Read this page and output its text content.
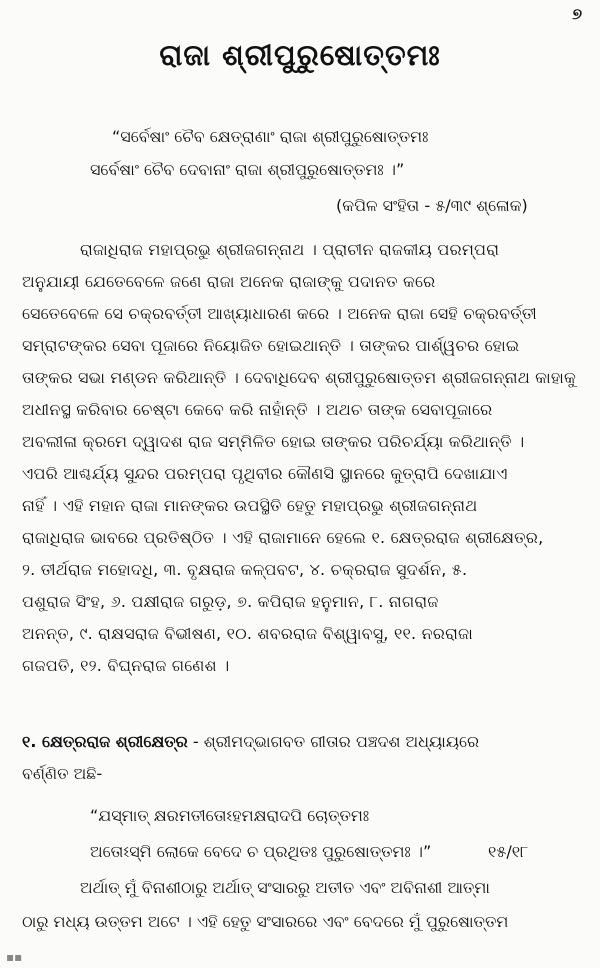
୭
ରାଜା ଶ୍ରୀପୁରୁଷୋତ୍ତମଃ
“ସର୍ବେଷାଂ ଚୈବ କ୍ଷେତ୍ରାଣାଂ ରାଜା ଶ୍ରୀପୁରୁଷୋତ୍ତମଃ
ସର୍ବେଷାଂ ଚୈବ ଦେବାନାଂ ରାଜା ଶ୍ରୀପୁରୁଷୋତ୍ତମଃ ।”
(କପିଳ ସଂହିତା - ୫/୩୯ ଶ୍ଳୋକ)
ରାଜାଧିରାଜ ମହାପ୍ରଭୁ ଶ୍ରୀଜଗନ୍ନାଥ । ପ୍ରାଚୀନ ରାଜକୀୟ ପରମ୍ପରା
ଅନୁଯାୟୀ ଯେତେବେଳେ ଜଣେ ରାଜା ଅନେକ ରାଜାଙ୍କୁ ପଦାନତ କରେ
ସେତେବେଳେ ସେ ଚକ୍ରବର୍ତ୍ତୀ ଆଖ୍ୟାଧାରଣ କରେ । ଅନେକ ରାଜା ସେହି ଚକ୍ରବର୍ତ୍ତୀ
ସମ୍ରାଟଙ୍କର ସେବା ପୂଜାରେ ନିୟୋଜିତ ହୋଇଥାନ୍ତି । ତାଙ୍କର ପାର୍ଶ୍ୱଚର ହୋଇ
ତାଙ୍କର ସଭା ମଣ୍ଡନ କରିଥାନ୍ତି । ଦେବାଧିଦେବ ଶ୍ରୀପୁରୁଷୋତ୍ତମ ଶ୍ରୀଜଗନ୍ନାଥ କାହାକୁ
ଅଧୀନସ୍ଥ କରିବାର ଚେଷ୍ଟା କେବେ କରି ନାହାଁନ୍ତି । ଅଥଚ ତାଙ୍କ ସେବାପୂଜାରେ
ଅବଲୀଳା କ୍ରମେ ଦ୍ୱାଦଶ ରାଜ ସମ୍ମିଳିତ ହୋଇ ତାଙ୍କର ପରିଚର୍ଯ୍ୟା କରିଥାନ୍ତି ।
ଏପରି ଆଶ୍ଚର୍ଯ୍ୟ ସୁନ୍ଦର ପରମ୍ପରା ପୃଥିବୀର କୌଣସି ସ୍ଥାନରେ କୁତ୍ରାପି ଦେଖାଯାଏ
ନାହିଁ । ଏହି ମହାନ ରାଜା ମାନଙ୍କର ଉପସ୍ଥିତି ହେତୁ ମହାପ୍ରଭୁ ଶ୍ରୀଜଗନ୍ନାଥ
ରାଜାଧିରାଜ ଭାବରେ ପ୍ରତିଷ୍ଠିତ । ଏହି ରାଜାମାନେ ହେଲେ ୧. କ୍ଷେତ୍ରରାଜ ଶ୍ରୀକ୍ଷେତ୍ର,
୨. ତୀର୍ଥରାଜ ମହୋଦଧି, ୩. ବୃକ୍ଷରାଜ କଳ୍ପବଟ, ୪. ଚକ୍ରରାଜ ସୁଦର୍ଶନ, ୫.
ପଶୁରାଜ ସିଂହ, ୬. ପକ୍ଷୀରାଜ ଗରୁଡ଼, ୭. କପିରାଜ ହନୁମାନ, ୮. ନାଗରାଜ
ଅନନ୍ତ, ୯. ରାକ୍ଷସରାଜ ବିଭୀଷଣ, ୧୦. ଶବରରାଜ ବିଶ୍ୱାବସୁ, ୧୧. ନରରାଜା
ଗଜପତି, ୧୨. ବିଘ୍ନରାଜ ଗଣେଶ ।
୧. କ୍ଷେତ୍ରରାଜ ଶ୍ରୀକ୍ଷେତ୍ର - ଶ୍ରୀମଦ୍‌ଭାଗବତ ଗୀତାର ପଞ୍ଚଦଶ ଅଧ୍ୟାୟରେ
ବର୍ଣ୍ଣିତ ଅଛି-
“ଯସ୍ମାତ୍ କ୍ଷରମତୀତୋଽହମକ୍ଷରାଦପି ଚୋତ୍ତମଃ
ଅତୋଽସ୍ମି ଲୋକେ ବେଦେ ଚ ପ୍ରଥିତଃ ପୁରୁଷୋତ୍ତମଃ ।”	୧୫/୧୮
ଅର୍ଥାତ୍ ମୁଁ ବିନାଶୀଠାରୁ ଅର୍ଥାତ୍ ସଂସାରରୁ ଅତୀତ ଏବଂ ଅବିନାଶୀ ଆତ୍ମା
ଠାରୁ ମଧ୍ୟ ଉତ୍ତମ ଅଟେ । ଏହି ହେତୁ ସଂସାରରେ ଏବଂ ବେଦରେ ମୁଁ ପୁରୁଷୋତ୍ତମ
▪▪
